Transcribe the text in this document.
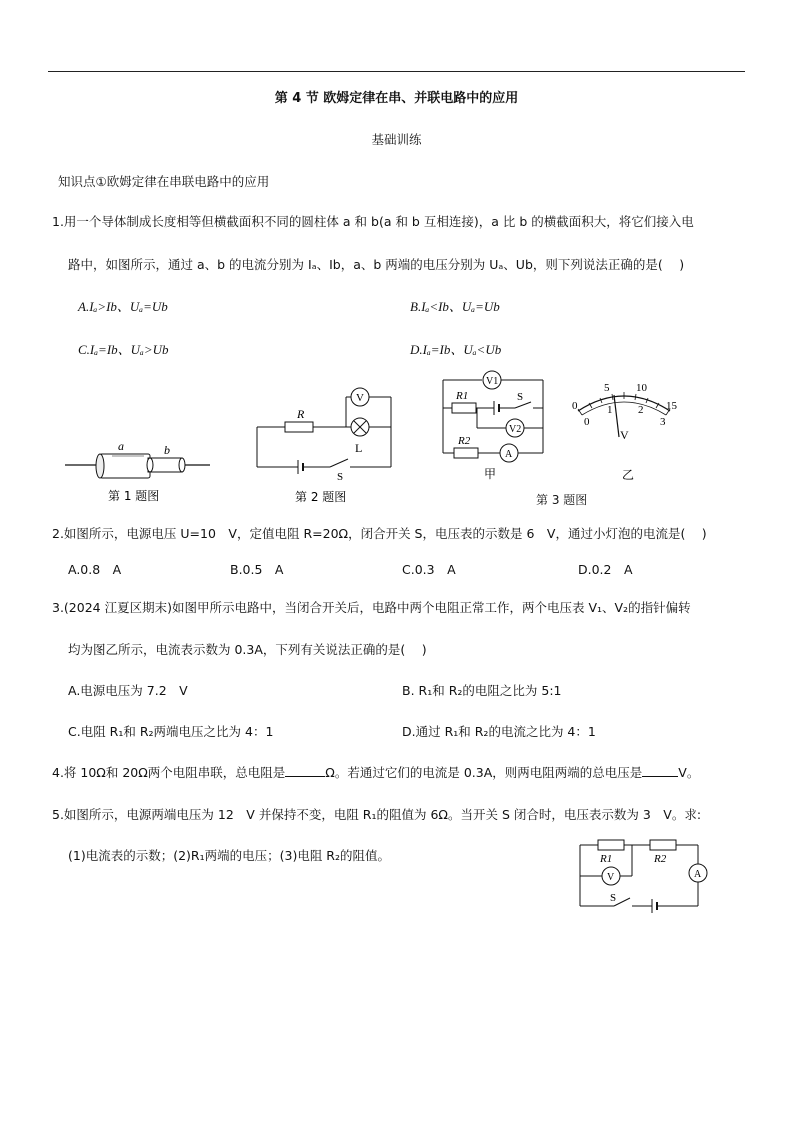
第 4 节 欧姆定律在串、并联电路中的应用
基础训练
知识点①欧姆定律在串联电路中的应用
1.用一个导体制成长度相等但横截面积不同的圆柱体 a 和 b(a 和 b 互相连接)，a 比 b 的横截面积大，将它们接入电
路中，如图所示，通过 a、b 的电流分别为 Iₐ、Ib，a、b 两端的电压分别为 Uₐ、Ub，则下列说法正确的是(　 )
A.Iₐ>Ib、Uₐ=Ub	B.Iₐ<Ib、Uₐ=Ub
C.Iₐ=Ib、Uₐ>Ub	D.Iₐ=Ib、Uₐ<Ub
a	b
第 1 题图
V
R
L
S
第 2 题图
V1
V2
A
R1
R2
S
甲
0
5 10
15
0
1 2
3
V
乙
第 3 题图
2.如图所示，电源电压 U=10　V，定值电阻 R=20Ω，闭合开关 S，电压表的示数是 6　V，通过小灯泡的电流是(　 )
A.0.8　A	B.0.5　A	C.0.3　A	D.0.2　A
3.(2024 江夏区期末)如图甲所示电路中，当闭合开关后，电路中两个电阻正常工作，两个电压表 V₁、V₂的指针偏转
均为图乙所示，电流表示数为 0.3A，下列有关说法正确的是(　 )
A.电源电压为 7.2　V	B. R₁和 R₂的电阻之比为 5:1
C.电阻 R₁和 R₂两端电压之比为 4：1	D.通过 R₁和 R₂的电流之比为 4：1
4.将 10Ω和 20Ω两个电阻串联，总电阻是	Ω。若通过它们的电流是 0.3A，则两电阻两端的总电压是	V。
5.如图所示，电源两端电压为 12　V 并保持不变，电阻 R₁的阻值为 6Ω。当开关 S 闭合时，电压表示数为 3　V。求:
(1)电流表的示数；(2)R₁两端的电压；(3)电阻 R₂的阻值。	R1	R2
V	A
S
